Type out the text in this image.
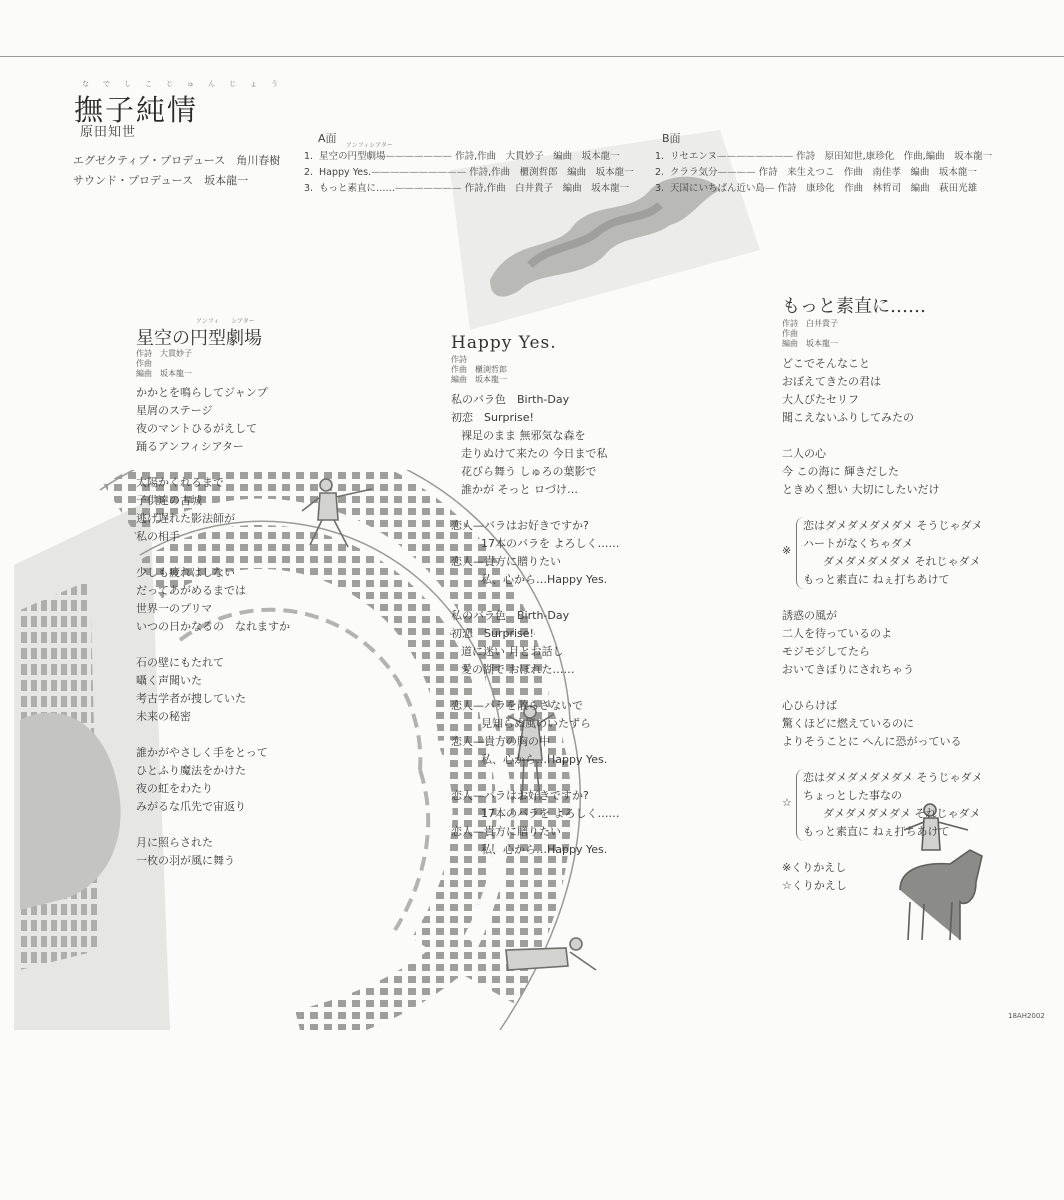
なでしこじゅんじょう
撫子純情
原田知世
エグゼクティブ・プロデュース　角川春樹
サウンド・プロデュース　坂本龍一
A面
アンフィシアター
1. 星空の円型劇場——————— 作詩,作曲　大貫妙子　編曲　坂本龍一
2. Happy Yes.—————————— 作詩,作曲　櫃渕哲郎　編曲　坂本龍一
3. もっと素直に……——————— 作詩,作曲　白井貴子　編曲　坂本龍一
B面
1. リセエンヌ———————— 作詩　原田知世,康珍化　作曲,編曲　坂本龍一
2. クララ気分———— 作詩　来生えつこ　作曲　南佳孝　編曲　坂本龍一
3. 天国にいちばん近い島— 作詩　康珍化　作曲　林哲司　編曲　萩田光雄
アンフィ　　シアター
星空の円型劇場
作詩　大貫妙子
作曲
編曲　坂本龍一
かかとを鳴らしてジャンプ
星屑のステージ
夜のマントひるがえして
踊るアンフィシアター
太陽かくれるまで
子供達の古城
逃げ遅れた影法師が
私の相手
少しも疲れはしない
だってあがめるまでは
世界一のプリマ
いつの日かなるの　なれますか
石の壁にもたれて
囁く声聞いた
考古学者が捜していた
未来の秘密
誰かがやさしく手をとって
ひとふり魔法をかけた
夜の虹をわたり
みがるな爪先で宙返り
月に照らされた
一枚の羽が風に舞う
Happy Yes.
作詩
作曲　櫃渕哲郎
編曲　坂本龍一
私のバラ色　Birth-Day
初恋　Surprise!
裸足のまま 無邪気な森を
走りぬけて来たの 今日まで私
花びら舞う しゅろの葉影で
誰かが そっと ロづけ…
恋人—バラはお好きですか?
17本のバラを よろしく……
恋人—貴方に贈りたい
私、心から…Happy Yes.
私のバラ色　Birth-Day
初恋　Surprise!
道に迷い 月とお話し
愛の湖で おぼれた……
恋人—バラを散らさないで
見知らぬ風のいたずら
恋人—貴方の胸の中
私、心から…Happy Yes.
恋人—バラはお好きですか?
17本のバラを よろしく……
恋人—貴方に贈りたい
私、心から…Happy Yes.
もっと素直に……
作詩　白井貴子
作曲
編曲　坂本龍一
どこでそんなこと
おぼえてきたの君は
大人びたセリフ
聞こえないふりしてみたの
二人の心
今 この海に 輝きだした
ときめく想い 大切にしたいだけ
恋はダメダメダメダメ そうじゃダメ
ハートがなくちゃダメ
ダメダメダメダメ それじゃダメ
もっと素直に ねぇ打ちあけて
誘惑の風が
二人を待っているのよ
モジモジしてたら
おいてきぼりにされちゃう
心ひらけば
驚くほどに燃えているのに
よりそうことに へんに恐がっている
恋はダメダメダメダメ そうじゃダメ
ちょっとした事なの
ダメダメダメダメ それじゃダメ
もっと素直に ねぇ打ちあけて
※くりかえし
☆くりかえし
※
☆
18AH2002
